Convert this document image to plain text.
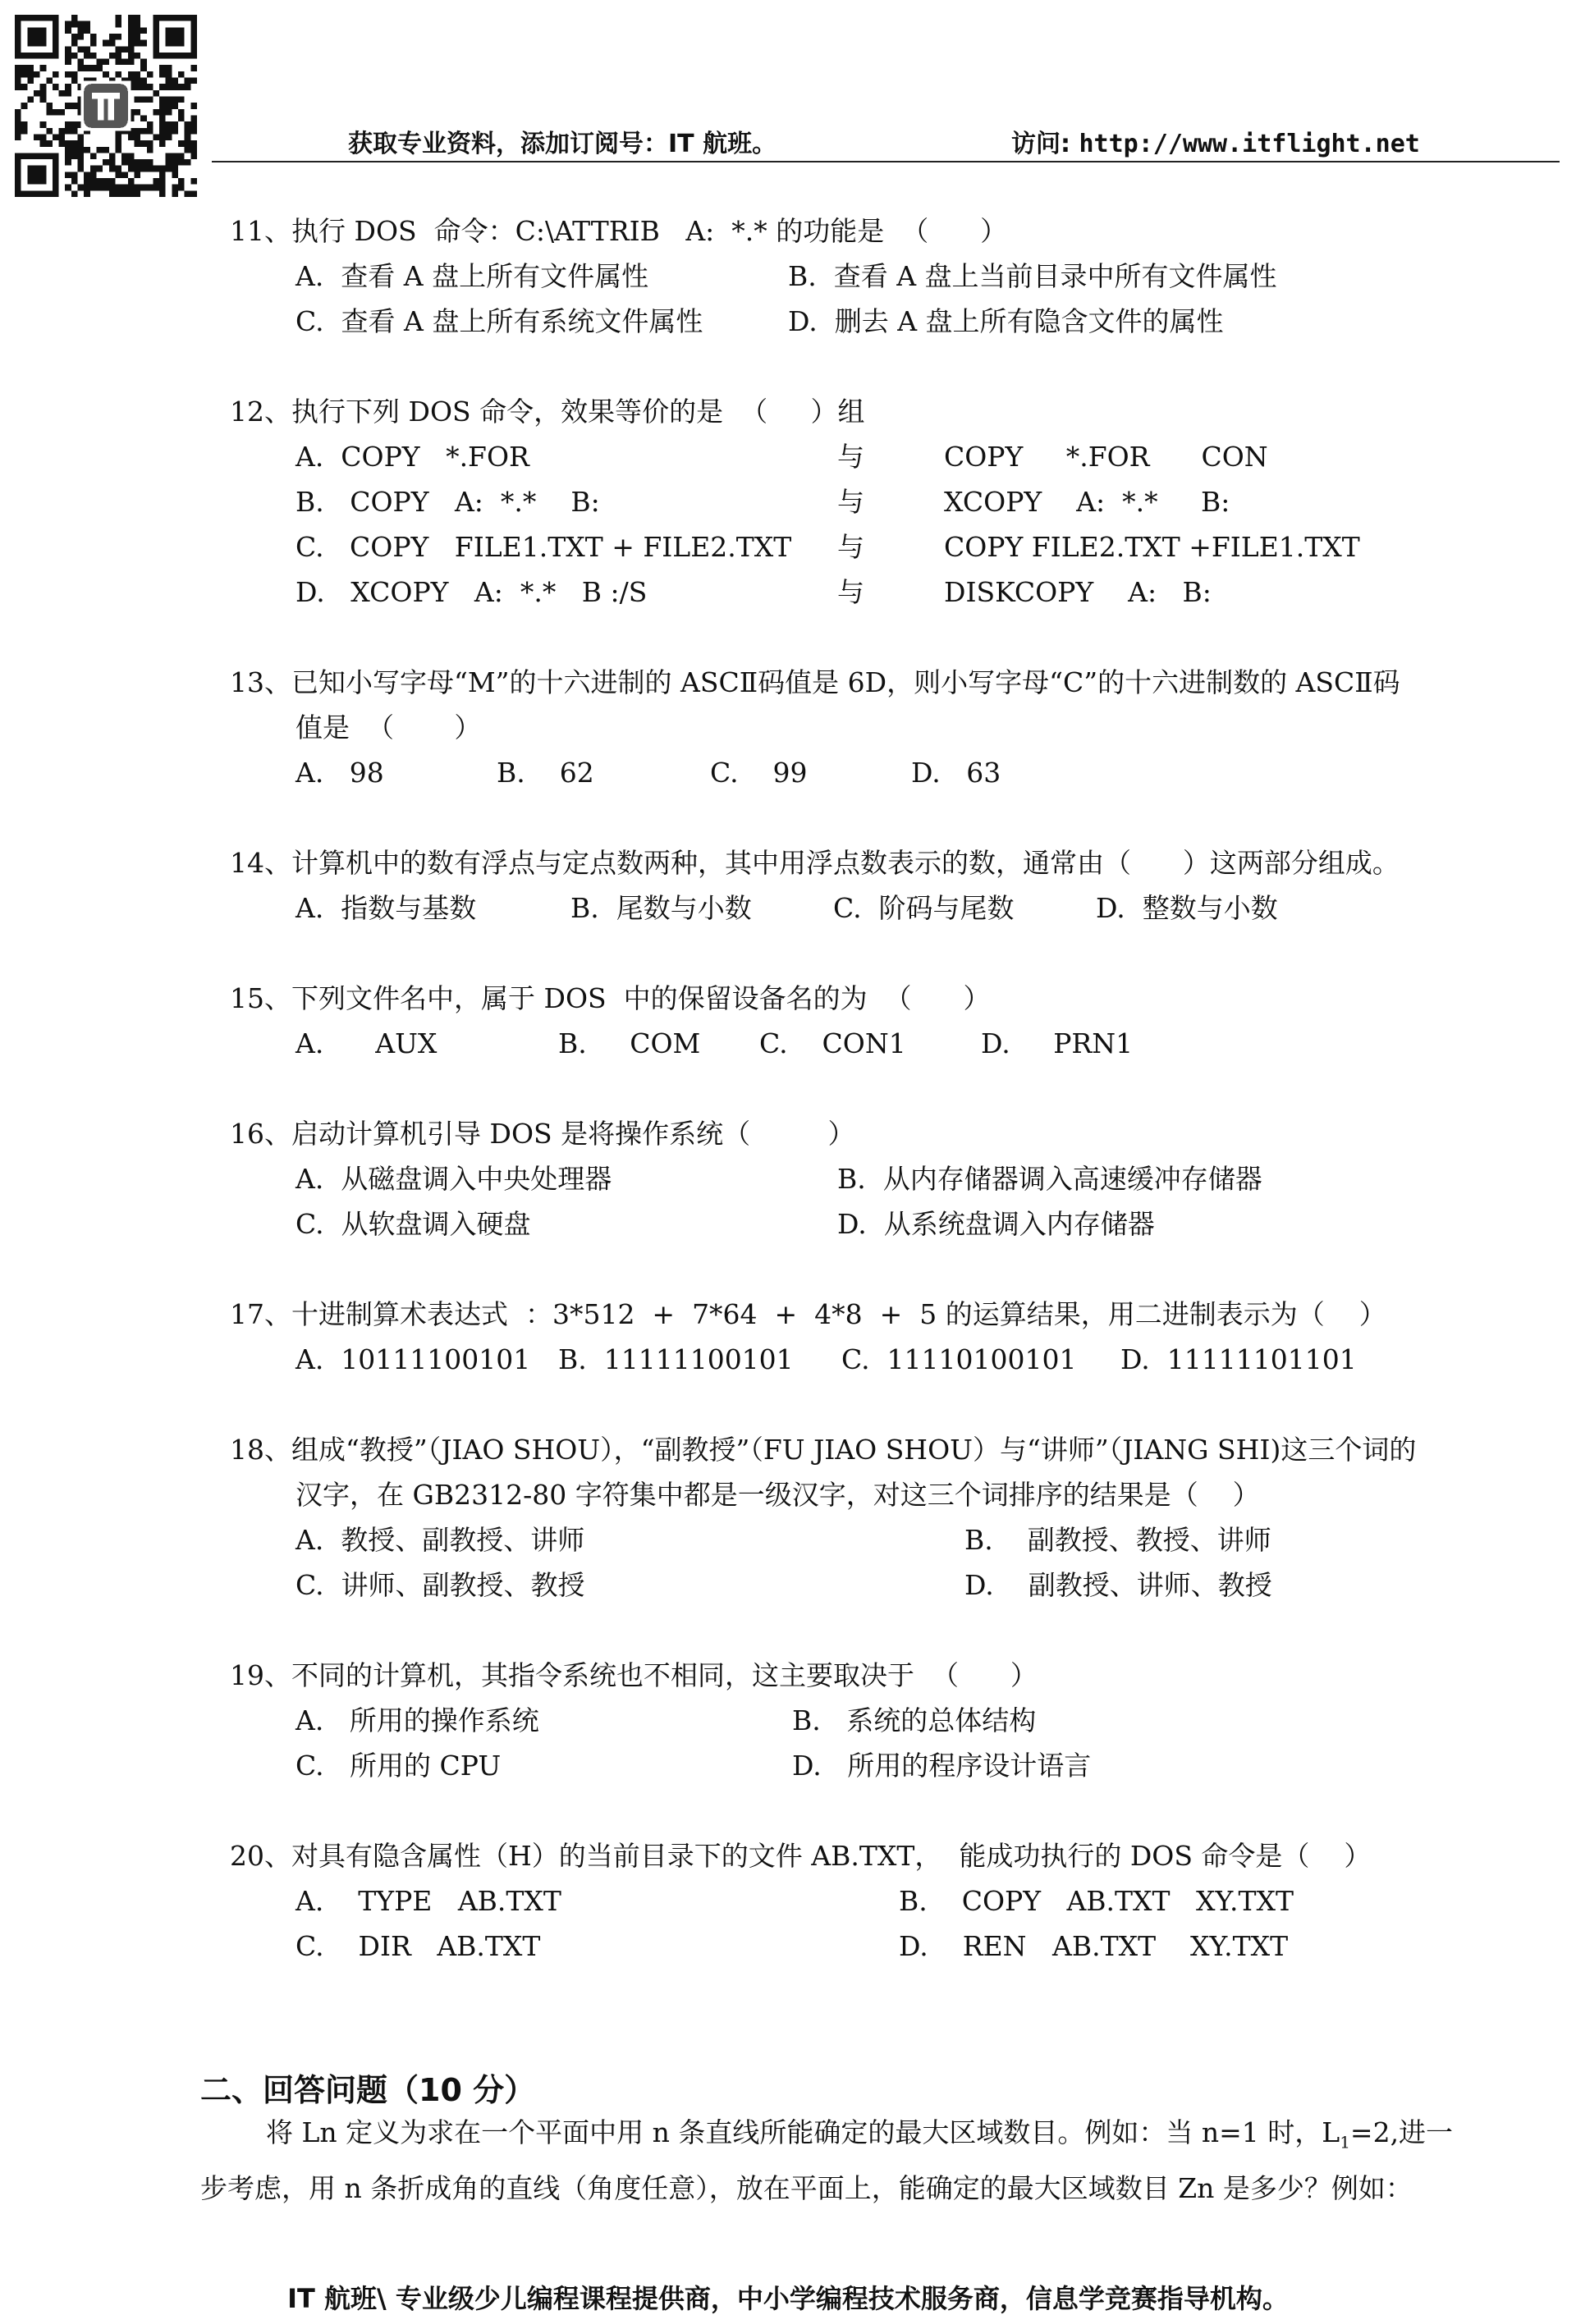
获取专业资料，添加订阅号：IT 航班。	访问: http://www.itflight.net
11、执行 DOS  命令：C:\ATTRIB   A:  *.* 的功能是  （      ）
A.  查看 A 盘上所有文件属性	B.  查看 A 盘上当前目录中所有文件属性
C.  查看 A 盘上所有系统文件属性	D.  删去 A 盘上所有隐含文件的属性
12、执行下列 DOS 命令，效果等价的是  （     ）组
A.  COPY   *.FOR	与	COPY     *.FOR      CON
B.   COPY   A:  *.*    B:	与	XCOPY    A:  *.*     B:
C.   COPY   FILE1.TXT + FILE2.TXT	与	COPY FILE2.TXT +FILE1.TXT
D.   XCOPY   A:  *.*   B :/S	与	DISKCOPY    A:   B:
13、已知小写字母“M”的十六进制的 ASCⅡ码值是 6D，则小写字母“C”的十六进制数的 ASCⅡ码
值是  （       ）
A.   98	B.    62	C.    99	D.   63
14、计算机中的数有浮点与定点数两种，其中用浮点数表示的数，通常由（      ）这两部分组成。
A.  指数与基数	B.  尾数与小数	C.  阶码与尾数	D.  整数与小数
15、下列文件名中，属于 DOS  中的保留设备名的为  （      ）
A.      AUX	B.     COM	C.    CON1	D.     PRN1
16、启动计算机引导 DOS 是将操作系统（         ）
A.  从磁盘调入中央处理器	B.  从内存储器调入高速缓冲存储器
C.  从软盘调入硬盘	D.  从系统盘调入内存储器
17、十进制算术表达式  ：3*512  +  7*64  +  4*8  +  5 的运算结果，用二进制表示为（    ）
A.  10111100101	B.  11111100101	C.  11110100101	D.  11111101101
18、组成“教授”（JIAO SHOU），“副教授”（FU JIAO SHOU）与“讲师”（JIANG SHI)这三个词的
汉字，在 GB2312-80 字符集中都是一级汉字，对这三个词排序的结果是（    ）
A.  教授、副教授、讲师	B.    副教授、教授、讲师
C.  讲师、副教授、教授	D.    副教授、讲师、教授
19、不同的计算机，其指令系统也不相同，这主要取决于  （      ）
A.   所用的操作系统	B.   系统的总体结构
C.   所用的 CPU	D.   所用的程序设计语言
20、对具有隐含属性（H）的当前目录下的文件 AB.TXT，  能成功执行的 DOS 命令是（    ）
A.    TYPE   AB.TXT	B.    COPY   AB.TXT   XY.TXT
C.    DIR   AB.TXT	D.    REN   AB.TXT    XY.TXT
二、回答问题（10 分）
将 Ln 定义为求在一个平面中用 n 条直线所能确定的最大区域数目。例如：当 n=1 时，$L_1=2$,进一
步考虑，用 n 条折成角的直线（角度任意），放在平面上，能确定的最大区域数目 Zn 是多少？例如：
IT 航班\ 专业级少儿编程课程提供商，中小学编程技术服务商，信息学竞赛指导机构。
